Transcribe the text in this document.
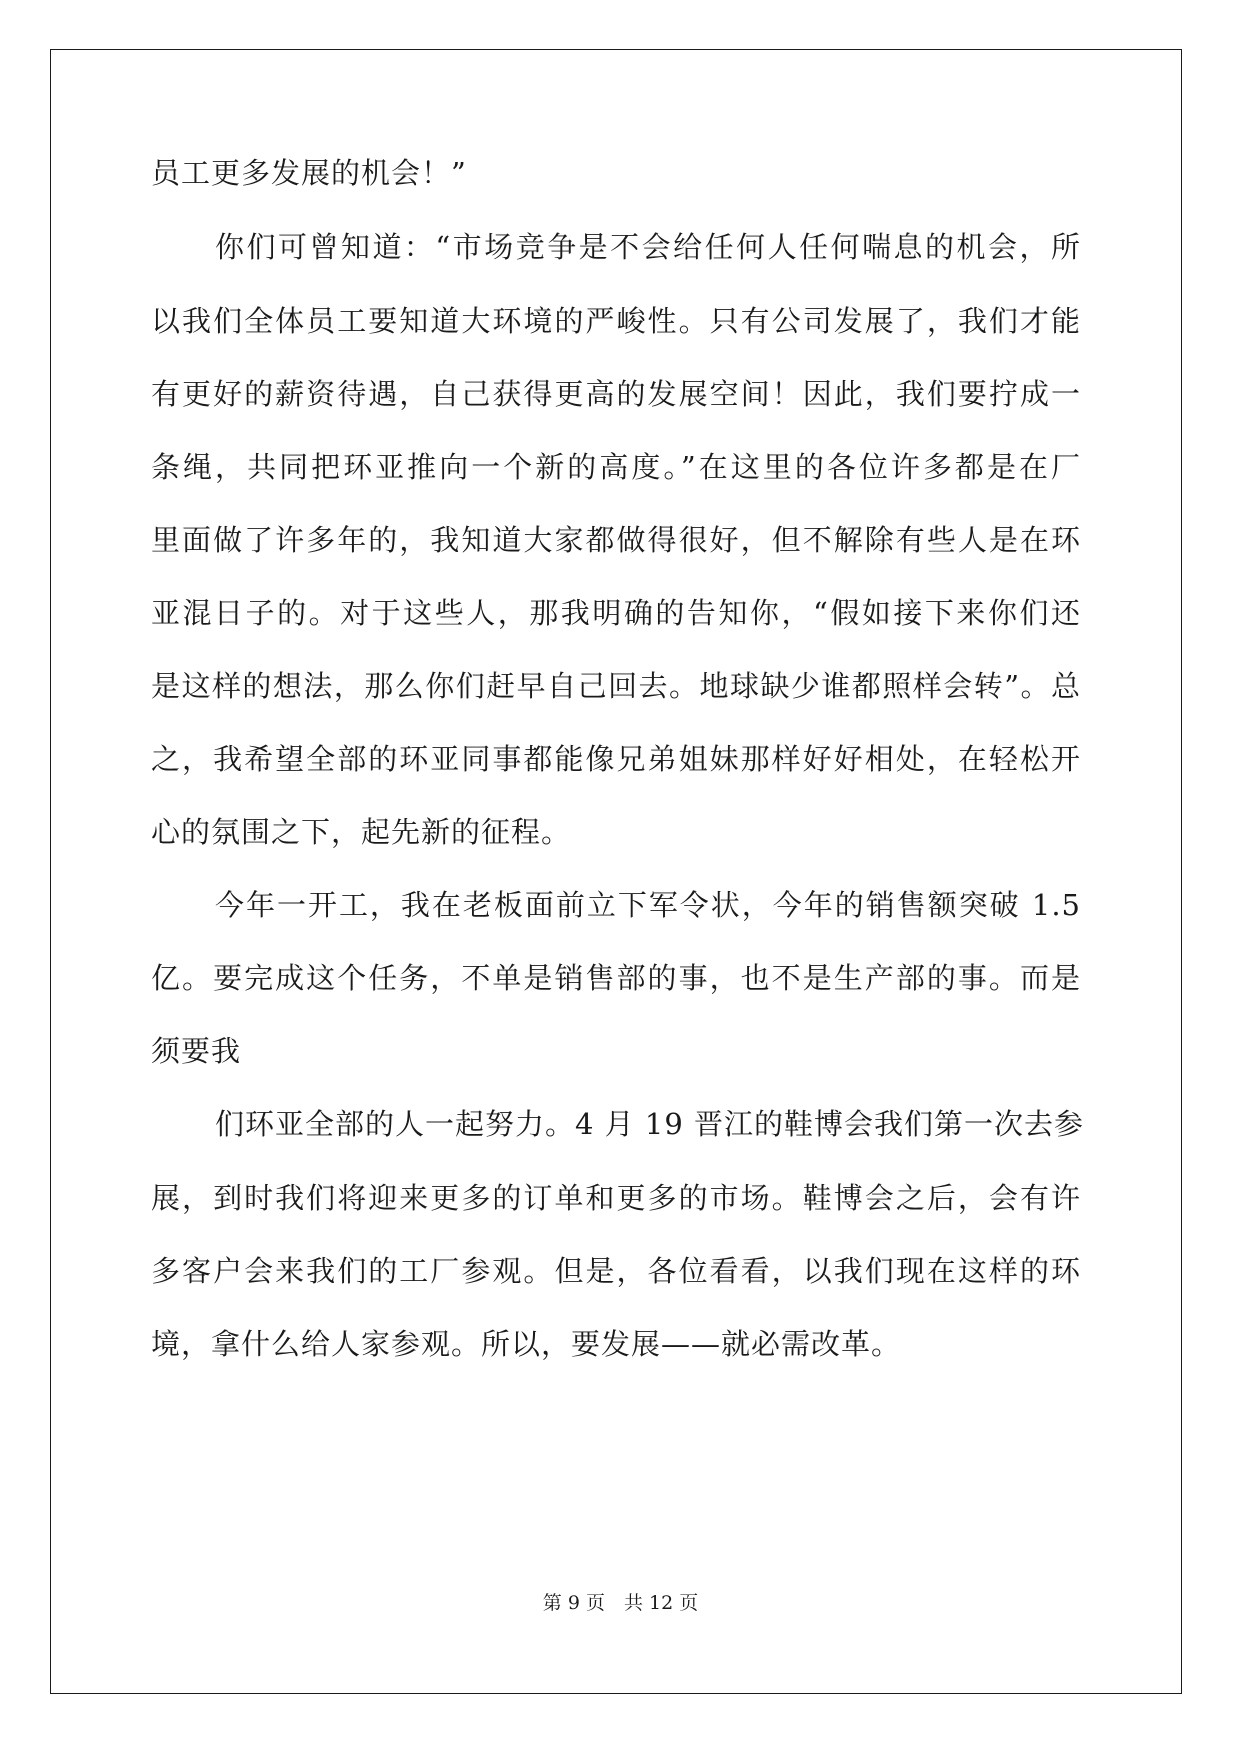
员工更多发展的机会！”
你们可曾知道：“市场竞争是不会给任何人任何喘息的机会，所
以我们全体员工要知道大环境的严峻性。只有公司发展了，我们才能
有更好的薪资待遇，自己获得更高的发展空间！因此，我们要拧成一
条绳，共同把环亚推向一个新的高度。”在这里的各位许多都是在厂
里面做了许多年的，我知道大家都做得很好，但不解除有些人是在环
亚混日子的。对于这些人，那我明确的告知你，“假如接下来你们还
是这样的想法，那么你们赶早自己回去。地球缺少谁都照样会转”。总
之，我希望全部的环亚同事都能像兄弟姐妹那样好好相处，在轻松开
心的氛围之下，起先新的征程。
今年一开工，我在老板面前立下军令状，今年的销售额突破 1.5
亿。要完成这个任务，不单是销售部的事，也不是生产部的事。而是
须要我
们环亚全部的人一起努力。4 月 19 晋江的鞋博会我们第一次去参
展，到时我们将迎来更多的订单和更多的市场。鞋博会之后，会有许
多客户会来我们的工厂参观。但是，各位看看，以我们现在这样的环
境，拿什么给人家参观。所以，要发展——就必需改革。
第 9 页　共 12 页
